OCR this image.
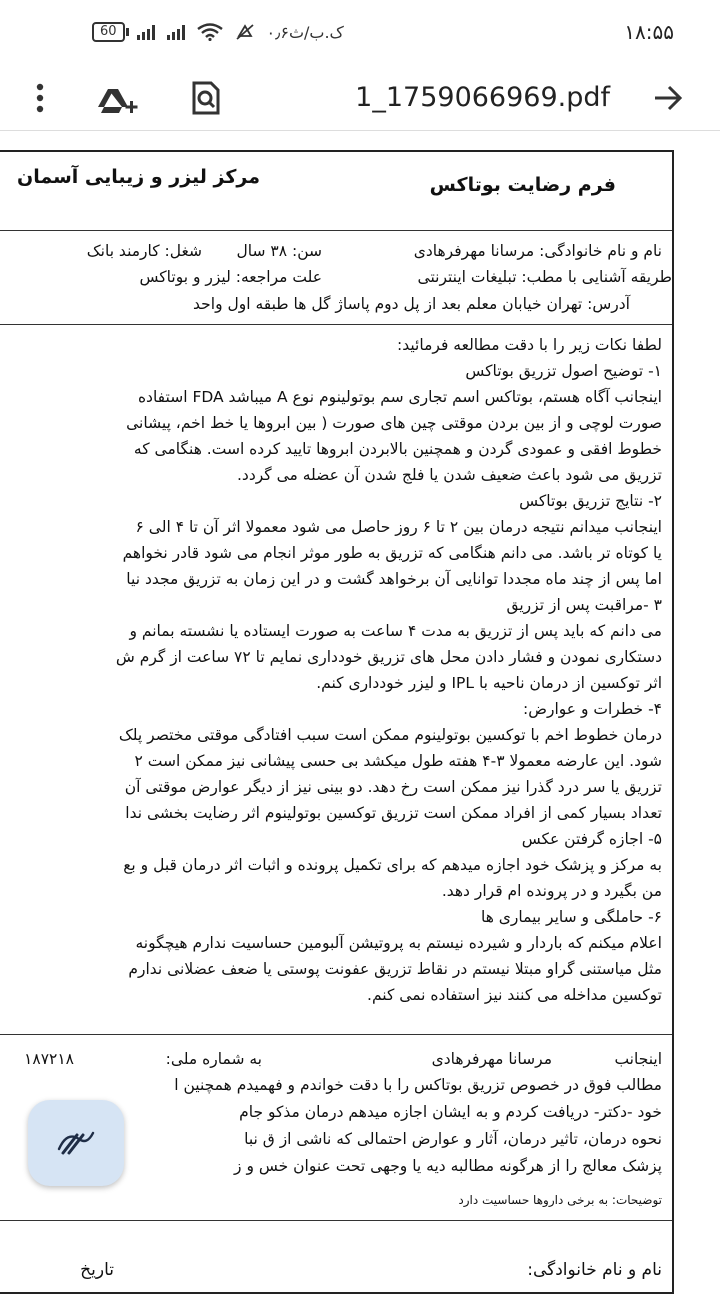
60	۰٫۶ک.ب/ث	۱۸:۵۵
1_1759066969.pdf
فرم رضایت بوتاکس
مرکز لیزر و زیبایی آسمان
نام و نام خانوادگی: مرسانا مهرفرهادی
سن: ۳۸ سال
شغل: کارمند بانک
طریقه آشنایی با مطب: تبلیغات اینترنتی
علت مراجعه: لیزر و بوتاکس
آدرس: تهران خیابان معلم بعد از پل دوم پاساژ گل ها طبقه اول واحد
لطفا نکات زیر را با دقت مطالعه فرمائید:
۱- توضیح اصول تزریق بوتاکس
اینجانب آگاه هستم، بوتاکس اسم تجاری سم بوتولینوم نوع A میباشد FDA استفاده
صورت لوچی و از بین بردن موقتی چین های صورت ( بین ابروها یا خط اخم، پیشانی
خطوط افقی و عمودی گردن و همچنین بالابردن ابروها تایید کرده است. هنگامی که
تزریق می شود باعث ضعیف شدن یا فلج شدن آن عضله می گردد.
۲- نتایج تزریق بوتاکس
اینجانب میدانم نتیجه درمان بین ۲ تا ۶ روز حاصل می شود معمولا اثر آن تا ۴ الی ۶
یا کوتاه تر باشد. می دانم هنگامی که تزریق به طور موثر انجام می شود قادر نخواهم
اما پس از چند ماه مجددا توانایی آن برخواهد گشت و در این زمان به تزریق مجدد نیا
۳ -مراقبت پس از تزریق
می دانم که باید پس از تزریق به مدت ۴ ساعت به صورت ایستاده یا نشسته بمانم و
دستکاری نمودن و فشار دادن محل های تزریق خودداری نمایم تا ۷۲ ساعت از گرم ش
اثر توکسین از درمان ناحیه با IPL و لیزر خودداری کنم.
۴- خطرات و عوارض:
درمان خطوط اخم با توکسین بوتولینوم ممکن است سبب افتادگی موقتی مختصر پلک
شود. این عارضه معمولا ۳-۴ هفته طول میکشد بی حسی پیشانی نیز ممکن است ۲
تزریق یا سر درد گذرا نیز ممکن است رخ دهد. دو بینی نیز از دیگر عوارض موقتی آن
تعداد بسیار کمی از افراد ممکن است تزریق توکسین بوتولینوم اثر رضایت بخشی ندا
۵- اجازه گرفتن عکس
به مرکز و پزشک خود اجازه میدهم که برای تکمیل پرونده و اثبات اثر درمان قبل و بع
من بگیرد و در پرونده ام قرار دهد.
۶- حاملگی و سایر بیماری ها
اعلام میکنم که باردار و شیرده نیستم به پروتیشن آلبومین حساسیت ندارم هیچگونه
مثل میاستنی گراو مبتلا نیستم در نقاط تزریق عفونت پوستی یا ضعف عضلانی ندارم
توکسین مداخله می کنند نیز استفاده نمی کنم.
اینجانب
مرسانا مهرفرهادی
به شماره ملی:
۱۸۷۲۱۸
مطالب فوق در خصوص تزریق بوتاکس را با دقت خواندم و فهمیدم همچنین ا
خود -دکتر- دریافت کردم و به ایشان اجازه میدهم درمان مذکو جام
نحوه درمان، تاثیر درمان، آثار و عوارض احتمالی که ناشی از ق نبا
پزشک معالج را از هرگونه مطالبه دیه یا وجهی تحت عنوان خس و ز
توضیحات: به برخی داروها حساسیت دارد
نام و نام خانوادگی:
تاریخ
